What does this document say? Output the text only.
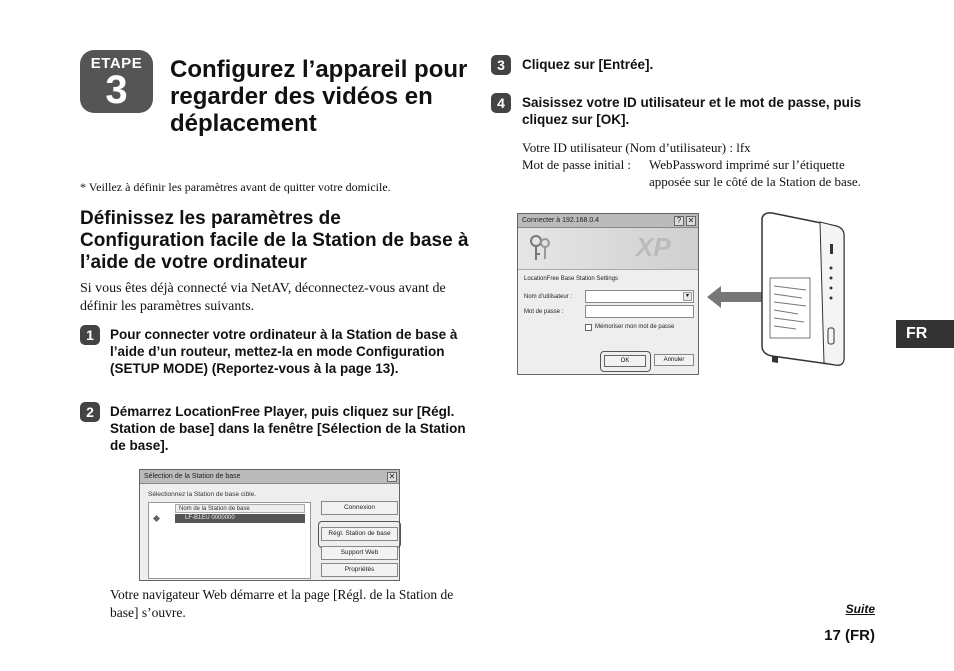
ETAPE
3	Configurez l’appareil pour regarder des vidéos en déplacement

* Veillez à définir les paramètres avant de quitter votre domicile.

Définissez les paramètres de Configuration facile de la Station de base à l’aide de votre ordinateur

Si vous êtes déjà connecté via NetAV, déconnectez-vous avant de définir les paramètres suivants.

1	Pour connecter votre ordinateur à la Station de base à l’aide d’un routeur, mettez-la en mode Configuration (SETUP MODE) (Reportez-vous à la page 13).

2	Démarrez LocationFree Player, puis cliquez sur [Régl. Station de base] dans la fenêtre [Sélection de la Station de base].

Sélection de la Station de base	✕
Sélectionnez la Station de base cible.
Nom de la Station de base
LF-B1EU 0000000
Connexion
Régl. Station de base
Support Web
Propriétés

Votre navigateur Web démarre et la page [Régl. de la Station de base] s’ouvre.

3	Cliquez sur [Entrée].

4	Saisissez votre ID utilisateur et le mot de passe, puis cliquez sur [OK].

Votre ID utilisateur (Nom d’utilisateur) : lfx

Mot de passe initial : WebPassword imprimé sur l’étiquette apposée sur le côté de la Station de base.

Connecter à 192.168.0.4	? ✕
XP
LocationFree Base Station Settings
Nom d’utilisateur :	▾
Mot de passe :
Mémoriser mon mot de passe
OK	Annuler
FR
Suite
17 (FR)
